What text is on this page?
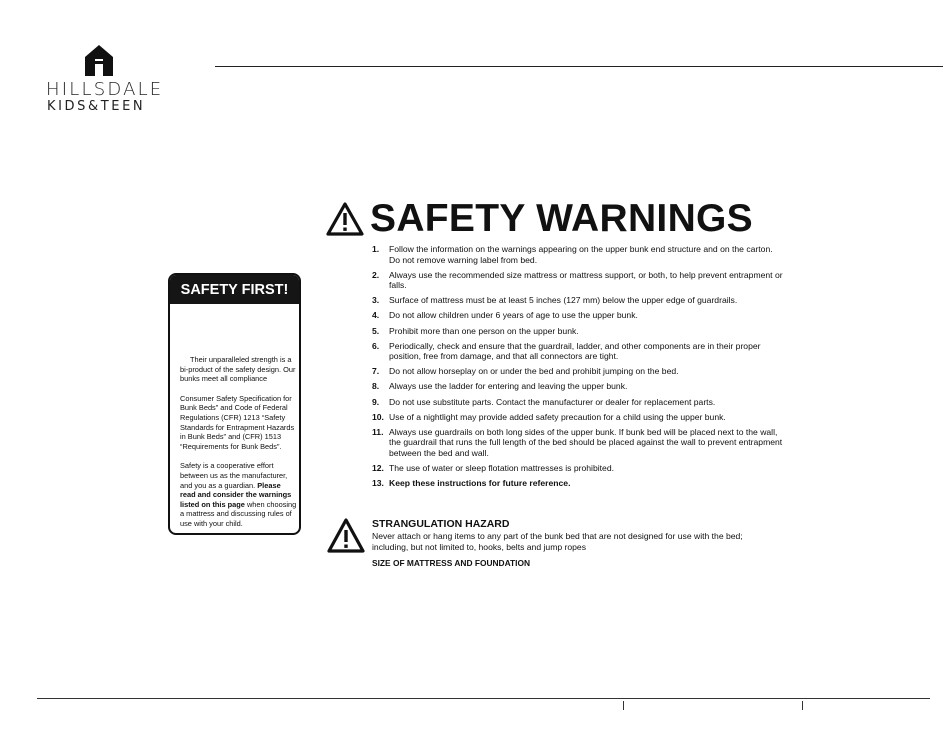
HILLSDALE
KIDS&TEEN
SAFETY FIRST!

Their unparalleled strength is a bi-product of the safety design. Our bunks meet all compliance

Consumer Safety Specification for Bunk Beds” and Code of Federal Regulations (CFR) 1213 “Safety Standards for Entrapment Hazards in Bunk Beds” and (CFR) 1513 “Requirements for Bunk Beds”.

Safety is a cooperative effort between us as the manufacturer, and you as a guardian. Please read and consider the warnings listed on this page when choosing a mattress and discussing rules of use with your child.

SAFETY WARNINGS
1.	Follow the information on the warnings appearing on the upper bunk end structure and on the carton. Do not remove warning label from bed.
2.	Always use the recommended size mattress or mattress support, or both, to help prevent entrapment or falls.
3.	Surface of mattress must be at least 5 inches (127 mm) below the upper edge of guardrails.
4.	Do not allow children under 6 years of age to use the upper bunk.
5.	Prohibit more than one person on the upper bunk.
6.	Periodically, check and ensure that the guardrail, ladder, and other components are in their proper position, free from damage, and that all connectors are tight.
7.	Do not allow horseplay on or under the bed and prohibit jumping on the bed.
8.	Always use the ladder for entering and leaving the upper bunk.
9.	Do not use substitute parts. Contact the manufacturer or dealer for replacement parts.
10. Use of a nightlight may provide added safety precaution for a child using the upper bunk.
11. Always use guardrails on both long sides of the upper bunk. If bunk bed will be placed next to the wall, the guardrail that runs the full length of the bed should be placed against the wall to prevent entrapment between the bed and wall.
12. The use of water or sleep flotation mattresses is prohibited.
13. Keep these instructions for future reference.
STRANGULATION HAZARD
Never attach or hang items to any part of the bunk bed that are not designed for use with the bed; including, but not limited to, hooks, belts and jump ropes
SIZE OF MATTRESS AND FOUNDATION
